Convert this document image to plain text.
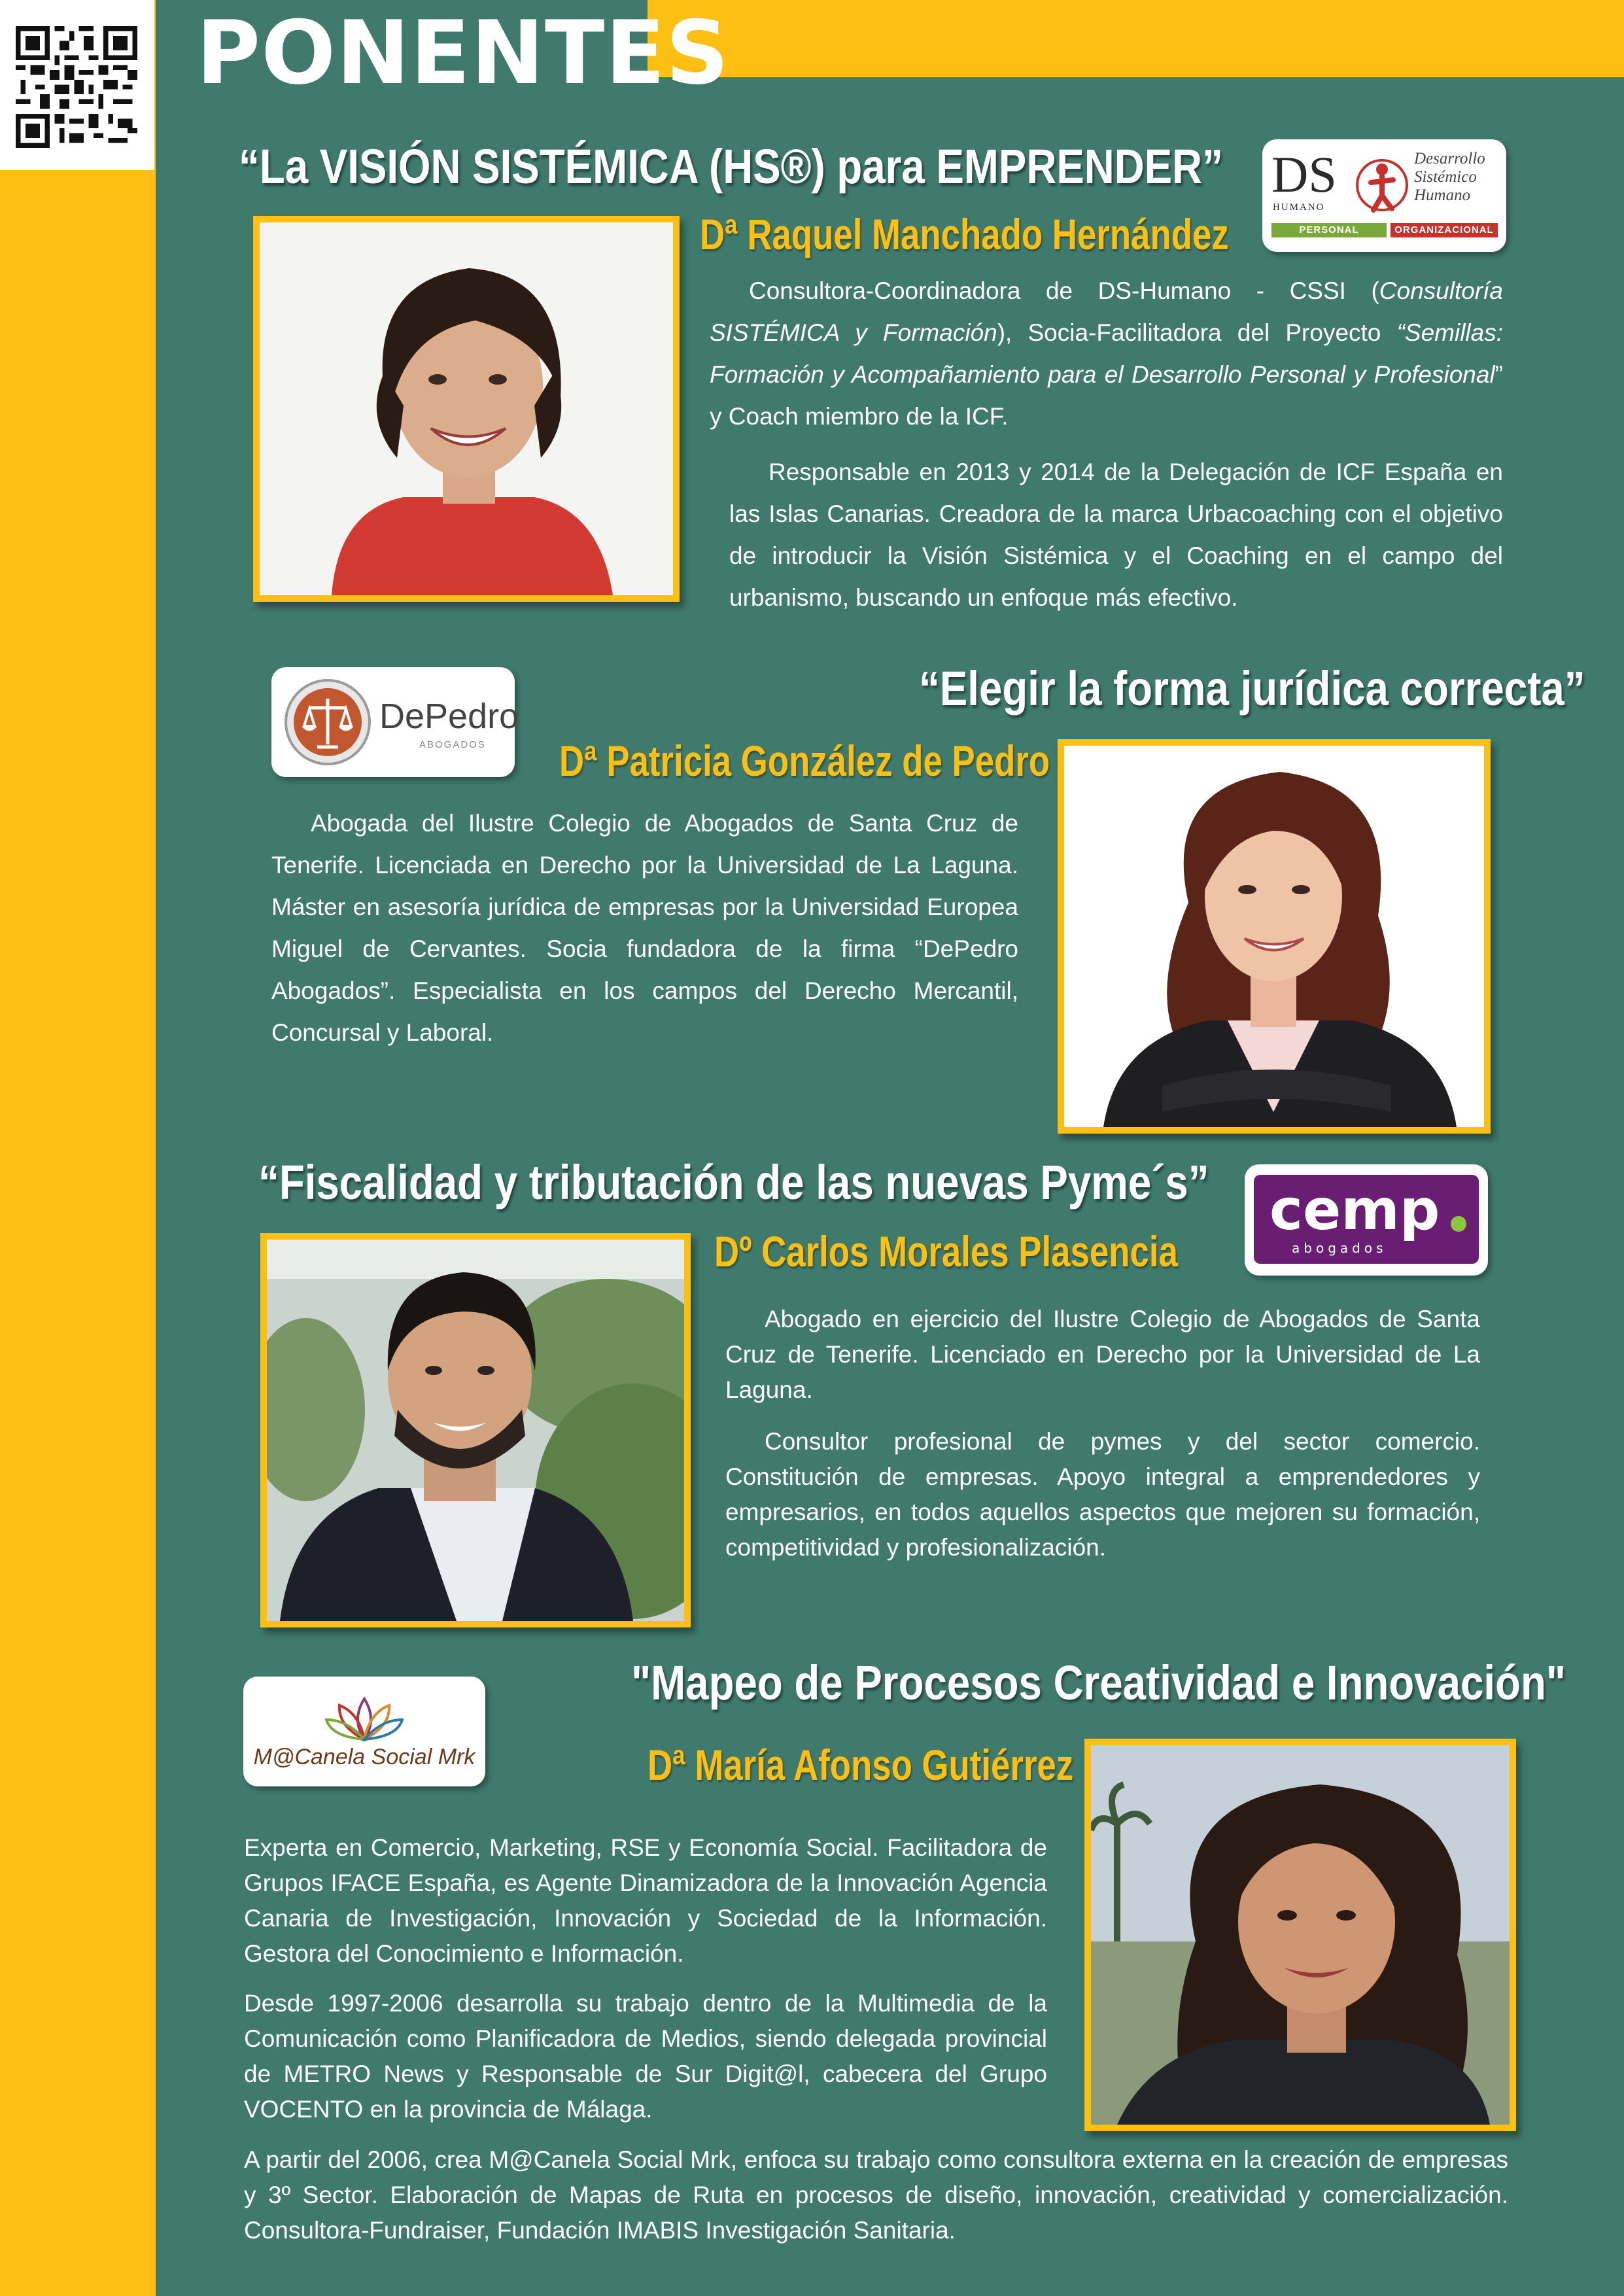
PONENTES
“La VISIÓN SISTÉMICA (HS®) para EMPRENDER” DS
HUMANO
Desarrollo Sistémico Humano
PERSONAL	ORGANIZACIONAL
Dª Raquel Manchado Hernández

Consultora-Coordinadora de DS-Humano - CSSI (Consultoría SISTÉMICA y Formación), Socia-Facilitadora del Proyecto “Semillas: Formación y Acompañamiento para el Desarrollo Personal y Profesional” y Coach miembro de la ICF.

Responsable en 2013 y 2014 de la Delegación de ICF España en las Islas Canarias. Creadora de la marca Urbacoaching con el objetivo de introducir la Visión Sistémica y el Coaching en el campo del urbanismo, buscando un enfoque más efectivo.

DePedro
ABOGADOS
“Elegir la forma jurídica correcta”
Dª Patricia González de Pedro

Abogada del Ilustre Colegio de Abogados de Santa Cruz de Tenerife. Licenciada en Derecho por la Universidad de La Laguna. Máster en asesoría jurídica de empresas por la Universidad Europea Miguel de Cervantes. Socia fundadora de la firma “DePedro Abogados”. Especialista en los campos del Derecho Mercantil, Concursal y Laboral.

“Fiscalidad y tributación de las nuevas Pyme´s” cemp
abogados
Dº Carlos Morales Plasencia

Abogado en ejercicio del Ilustre Colegio de Abogados de Santa Cruz de Tenerife. Licenciado en Derecho por la Universidad de La Laguna.

Consultor profesional de pymes y del sector comercio. Constitución de empresas. Apoyo integral a emprendedores y empresarios, en todos aquellos aspectos que mejoren su formación, competitividad y profesionalización.

M@Canela Social Mrk
"Mapeo de Procesos Creatividad e Innovación"
Dª María Afonso Gutiérrez

Experta en Comercio, Marketing, RSE y Economía Social. Facilitadora de Grupos IFACE España, es Agente Dinamizadora de la Innovación Agencia Canaria de Investigación, Innovación y Sociedad de la Información. Gestora del Conocimiento e Información.

Desde 1997-2006 desarrolla su trabajo dentro de la Multimedia de la Comunicación como Planificadora de Medios, siendo delegada provincial de METRO News y Responsable de Sur Digit@l, cabecera del Grupo VOCENTO en la provincia de Málaga.

A partir del 2006, crea M@Canela Social Mrk, enfoca su trabajo como consultora externa en la creación de empresas y 3º Sector. Elaboración de Mapas de Ruta en procesos de diseño, innovación, creatividad y comercialización. Consultora-Fundraiser, Fundación IMABIS Investigación Sanitaria.
